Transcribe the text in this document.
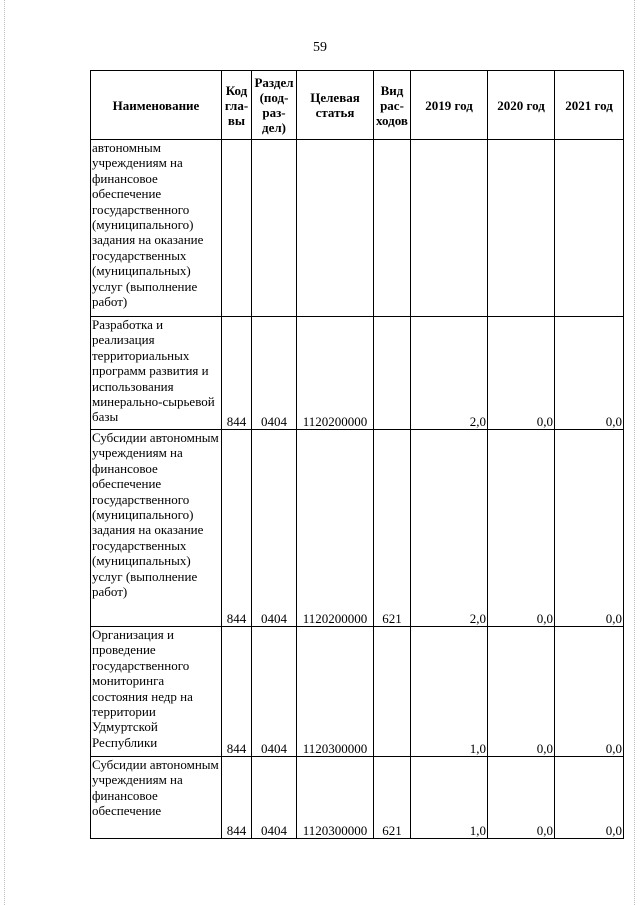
59
Наименование	Код гла-вы	Раздел (под-раз-дел)	Целевая статья	Вид рас-ходов	2019 год	2020 год	2021 год
автономным учреждениям на финансовое обеспечение государственного (муниципального) задания на оказание государственных (муниципальных) услуг (выполнение работ)							
Разработка и реализация территориальных программ развития и использования минерально-сырьевой базы	844	0404	1120200000		2,0	0,0	0,0
Субсидии автономным учреждениям на финансовое обеспечение государственного (муниципального) задания на оказание государственных (муниципальных) услуг (выполнение работ)	844	0404	1120200000	621	2,0	0,0	0,0
Организация и проведение государственного мониторинга состояния недр на территории Удмуртской Республики	844	0404	1120300000		1,0	0,0	0,0
Субсидии автономным учреждениям на финансовое обеспечение	844	0404	1120300000	621	1,0	0,0	0,0
